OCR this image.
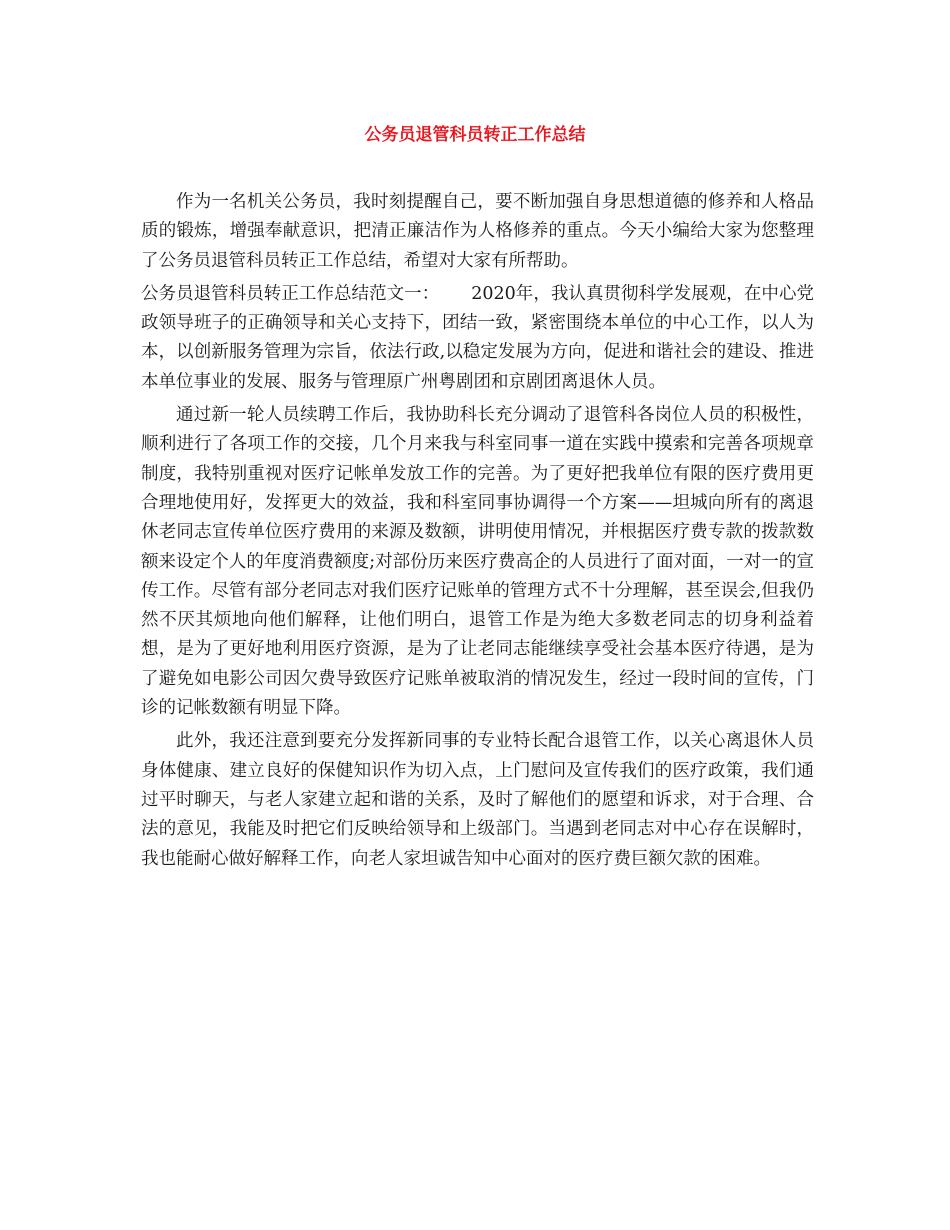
公务员退管科员转正工作总结

作为一名机关公务员，我时刻提醒自己，要不断加强自身思想道德的修养和人格品质的锻炼，增强奉献意识，把清正廉洁作为人格修养的重点。今天小编给大家为您整理了公务员退管科员转正工作总结，希望对大家有所帮助。

公务员退管科员转正工作总结范文一：　　 2020年，我认真贯彻科学发展观，在中心党政领导班子的正确领导和关心支持下，团结一致，紧密围绕本单位的中心工作，以人为本，以创新服务管理为宗旨，依法行政,以稳定发展为方向，促进和谐社会的建设、推进本单位事业的发展、服务与管理原广州粤剧团和京剧团离退休人员。

通过新一轮人员续聘工作后，我协助科长充分调动了退管科各岗位人员的积极性，顺利进行了各项工作的交接，几个月来我与科室同事一道在实践中摸索和完善各项规章制度，我特别重视对医疗记帐单发放工作的完善。为了更好把我单位有限的医疗费用更合理地使用好，发挥更大的效益，我和科室同事协调得一个方案——坦城向所有的离退休老同志宣传单位医疗费用的来源及数额，讲明使用情况，并根据医疗费专款的拨款数额来设定个人的年度消费额度;对部份历来医疗费高企的人员进行了面对面，一对一的宣传工作。尽管有部分老同志对我们医疗记账单的管理方式不十分理解，甚至误会,但我仍然不厌其烦地向他们解释，让他们明白，退管工作是为绝大多数老同志的切身利益着想，是为了更好地利用医疗资源，是为了让老同志能继续享受社会基本医疗待遇，是为了避免如电影公司因欠费导致医疗记账单被取消的情况发生，经过一段时间的宣传，门诊的记帐数额有明显下降。

此外，我还注意到要充分发挥新同事的专业特长配合退管工作，以关心离退休人员身体健康、建立良好的保健知识作为切入点，上门慰问及宣传我们的医疗政策，我们通过平时聊天，与老人家建立起和谐的关系，及时了解他们的愿望和诉求，对于合理、合法的意见，我能及时把它们反映给领导和上级部门。当遇到老同志对中心存在误解时，我也能耐心做好解释工作，向老人家坦诚告知中心面对的医疗费巨额欠款的困难。
